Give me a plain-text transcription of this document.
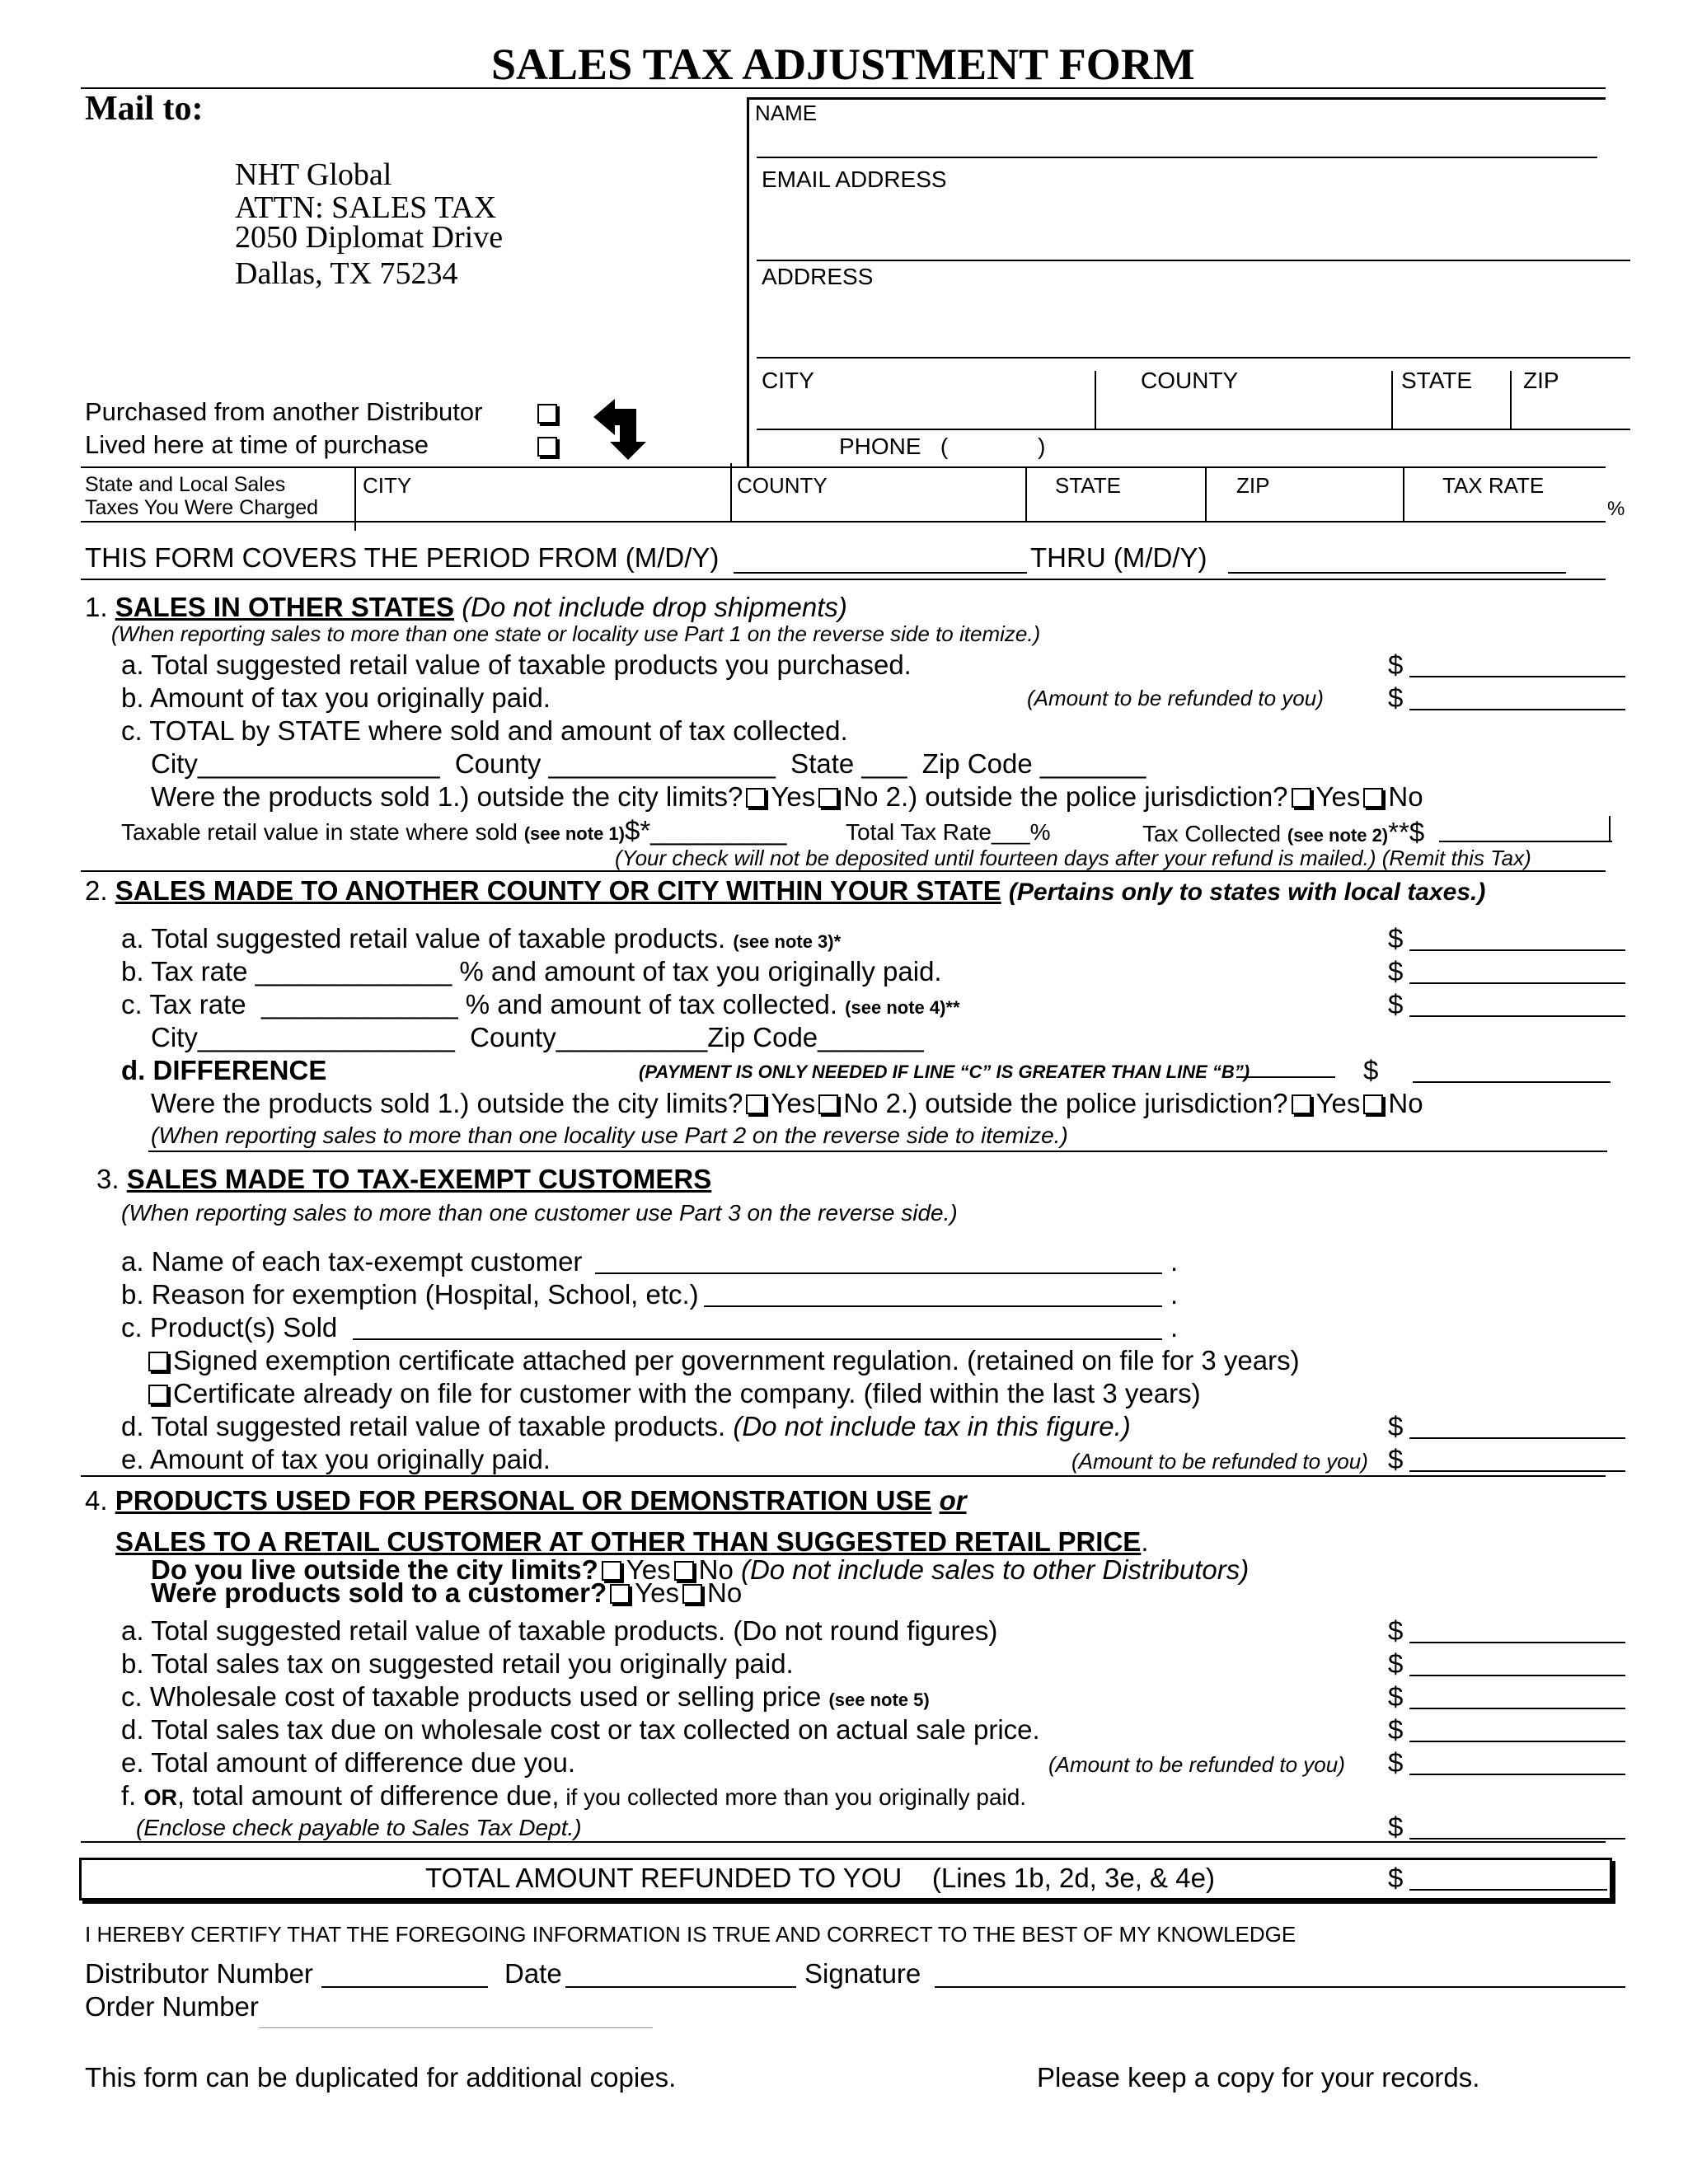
SALES TAX ADJUSTMENT FORM
Mail to:
NHT Global
ATTN: SALES TAX
2050 Diplomat Drive
Dallas, TX 75234
NAME
EMAIL ADDRESS
ADDRESS
CITY	COUNTY	STATE ZIP
PHONE   (              )
Purchased from another Distributor
Lived here at time of purchase
State and Local Sales
Taxes You Were Charged
CITY	COUNTY	STATE	ZIP	TAX RATE
%
THIS FORM COVERS THE PERIOD FROM (M/D/Y)	THRU (M/D/Y)
1. SALES IN OTHER STATES (Do not include drop shipments)
(When reporting sales to more than one state or locality use Part 1 on the reverse side to itemize.)
a. Total suggested retail value of taxable products you purchased.	$
b. Amount of tax you originally paid.	(Amount to be refunded to you) $
c. TOTAL by STATE where sold and amount of tax collected.
City________________  County _______________  State ___  Zip Code _______
Were the products sold 1.) outside the city limits? Yes No 2.) outside the police jurisdiction? Yes No
Taxable retail value in state where sold (see note 1)$*_________	Total Tax Rate___%	Tax Collected (see note 2)**$
(Your check will not be deposited until fourteen days after your refund is mailed.) (Remit this Tax)
2. SALES MADE TO ANOTHER COUNTY OR CITY WITHIN YOUR STATE (Pertains only to states with local taxes.)
a. Total suggested retail value of taxable products. (see note 3)*	$
b. Tax rate _____________ % and amount of tax you originally paid.	$
c. Tax rate  _____________ % and amount of tax collected. (see note 4)**	$
City_________________  County__________Zip Code_______
d. DIFFERENCE	(PAYMENT IS ONLY NEEDED IF LINE “C” IS GREATER THAN LINE “B”)	$
Were the products sold 1.) outside the city limits? Yes No 2.) outside the police jurisdiction? Yes No
(When reporting sales to more than one locality use Part 2 on the reverse side to itemize.)
3. SALES MADE TO TAX-EXEMPT CUSTOMERS
(When reporting sales to more than one customer use Part 3 on the reverse side.)
a. Name of each tax-exempt customer	.
b. Reason for exemption (Hospital, School, etc.)	.
c. Product(s) Sold	.
Signed exemption certificate attached per government regulation. (retained on file for 3 years)
Certificate already on file for customer with the company. (filed within the last 3 years)
d. Total suggested retail value of taxable products. (Do not include tax in this figure.)	$
e. Amount of tax you originally paid.	(Amount to be refunded to you) $
4. PRODUCTS USED FOR PERSONAL OR DEMONSTRATION USE or
SALES TO A RETAIL CUSTOMER AT OTHER THAN SUGGESTED RETAIL PRICE.
Do you live outside the city limits? Yes No (Do not include sales to other Distributors)
Were products sold to a customer? Yes No
a. Total suggested retail value of taxable products. (Do not round figures)	$
b. Total sales tax on suggested retail you originally paid.	$
c. Wholesale cost of taxable products used or selling price (see note 5)	$
d. Total sales tax due on wholesale cost or tax collected on actual sale price.	$
e. Total amount of difference due you.	(Amount to be refunded to you) $
f. OR, total amount of difference due, if you collected more than you originally paid.
(Enclose check payable to Sales Tax Dept.)	$
TOTAL AMOUNT REFUNDED TO YOU    (Lines 1b, 2d, 3e, & 4e)	$
I HEREBY CERTIFY THAT THE FOREGOING INFORMATION IS TRUE AND CORRECT TO THE BEST OF MY KNOWLEDGE
Distributor Number	Date	Signature
Order Number
This form can be duplicated for additional copies.	Please keep a copy for your records.
